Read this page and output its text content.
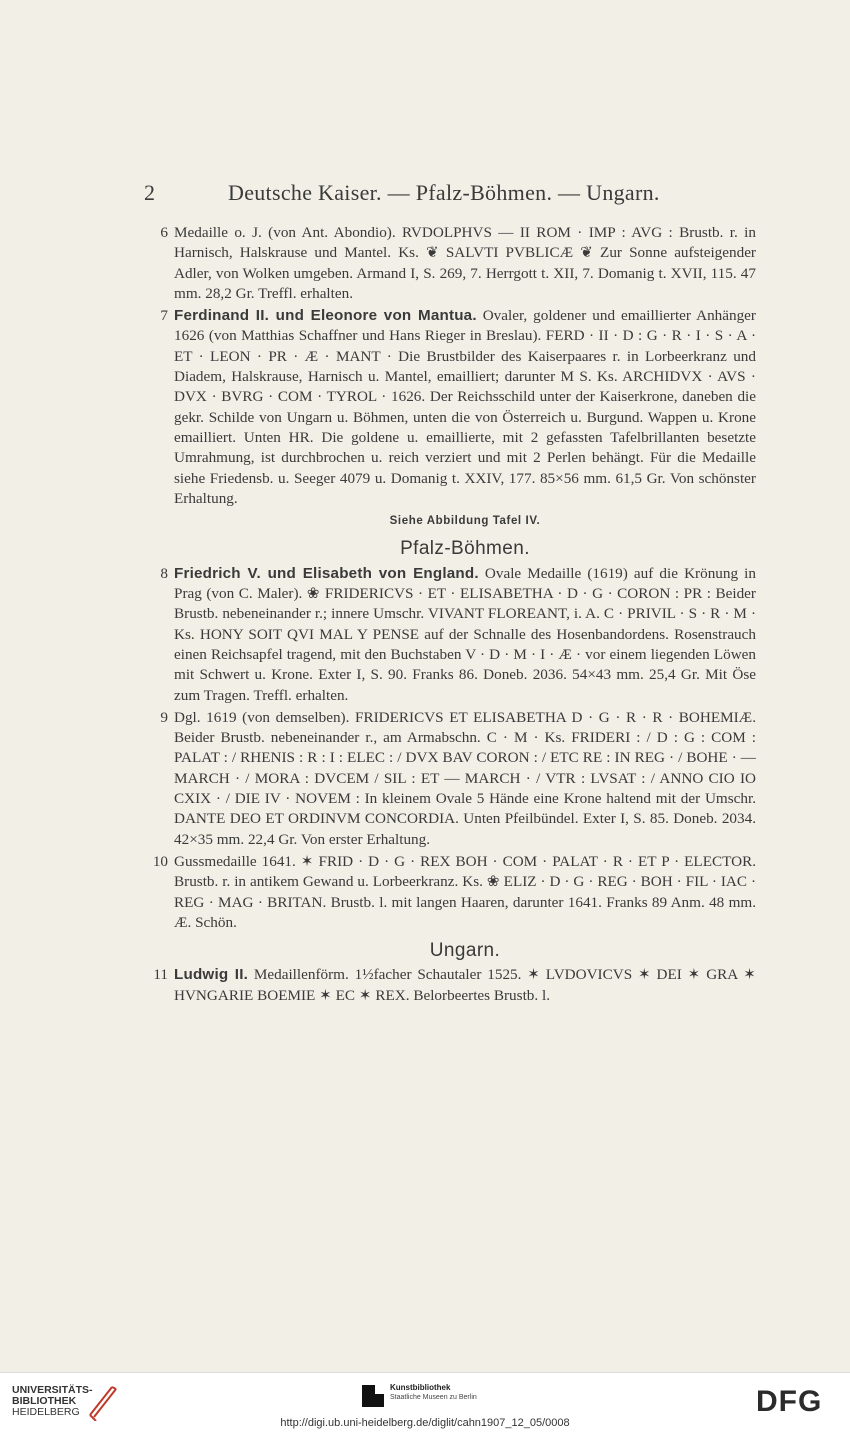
2	Deutsche Kaiser. — Pfalz-Böhmen. — Ungarn.
6 Medaille o. J. (von Ant. Abondio). RVDOLPHVS — II ROM · IMP : AVG : Brustb. r. in Harnisch, Halskrause und Mantel. Ks. ❦ SALVTI PVBLICÆ ❦ Zur Sonne aufsteigender Adler, von Wolken umgeben. Armand I, S. 269, 7. Herrgott t. XII, 7. Domanig t. XVII, 115. 47 mm. 28,2 Gr. Treffl. erhalten.
7 Ferdinand II. und Eleonore von Mantua. Ovaler, goldener und emaillierter Anhänger 1626 (von Matthias Schaffner und Hans Rieger in Breslau). FERD · II · D : G · R · I · S · A · ET · LEON · PR · Æ · MANT · Die Brustbilder des Kaiserpaares r. in Lorbeerkranz und Diadem, Halskrause, Harnisch u. Mantel, emailliert; darunter M S. Ks. ARCHIDVX · AVS · DVX · BVRG · COM · TYROL · 1626. Der Reichsschild unter der Kaiserkrone, daneben die gekr. Schilde von Ungarn u. Böhmen, unten die von Österreich u. Burgund. Wappen u. Krone emailliert. Unten HR. Die goldene u. emaillierte, mit 2 gefassten Tafelbrillanten besetzte Umrahmung, ist durchbrochen u. reich verziert und mit 2 Perlen behängt. Für die Medaille siehe Friedensb. u. Seeger 4079 u. Domanig t. XXIV, 177. 85×56 mm. 61,5 Gr. Von schönster Erhaltung.
Siehe Abbildung Tafel IV.
Pfalz-Böhmen.
8 Friedrich V. und Elisabeth von England. Ovale Medaille (1619) auf die Krönung in Prag (von C. Maler). ❀ FRIDERICVS · ET · ELISABETHA · D · G · CORON : PR : Beider Brustb. nebeneinander r.; innere Umschr. VIVANT FLOREANT, i. A. C · PRIVIL · S · R · M · Ks. HONY SOIT QVI MAL Y PENSE auf der Schnalle des Hosenbandordens. Rosenstrauch einen Reichsapfel tragend, mit den Buchstaben V · D · M · I · Æ · vor einem liegenden Löwen mit Schwert u. Krone. Exter I, S. 90. Franks 86. Doneb. 2036. 54×43 mm. 25,4 Gr. Mit Öse zum Tragen. Treffl. erhalten.
9 Dgl. 1619 (von demselben). FRIDERICVS ET ELISABETHA D · G · R · R · BOHEMIÆ. Beider Brustb. nebeneinander r., am Armabschn. C · M · Ks. FRIDERI : / D : G : COM : PALAT : / RHENIS : R : I : ELEC : / DVX BAV CORON : / ETC RE : IN REG · / BOHE · — MARCH · / MORA : DVCEM / SIL : ET — MARCH · / VTR : LVSAT : / ANNO CIO IO CXIX · / DIE IV · NOVEM : In kleinem Ovale 5 Hände eine Krone haltend mit der Umschr. DANTE DEO ET ORDINVM CONCORDIA. Unten Pfeilbündel. Exter I, S. 85. Doneb. 2034. 42×35 mm. 22,4 Gr. Von erster Erhaltung.
10 Gussmedaille 1641. ✶ FRID · D · G · REX BOH · COM · PALAT · R · ET P · ELECTOR. Brustb. r. in antikem Gewand u. Lorbeerkranz. Ks. ❀ ELIZ · D · G · REG · BOH · FIL · IAC · REG · MAG · BRITAN. Brustb. l. mit langen Haaren, darunter 1641. Franks 89 Anm. 48 mm. Æ. Schön.
Ungarn.
11 Ludwig II. Medaillenförm. 1½facher Schautaler 1525. ✶ LVDOVICVS ✶ DEI ✶ GRA ✶ HVNGARIE BOEMIE ✶ EC ✶ REX. Belorbeertes Brustb. l.
UNIVERSITÄTS-
BIBLIOTHEK
HEIDELBERG
Kunstbibliothek
Staatliche Museen zu Berlin	DFG
http://digi.ub.uni-heidelberg.de/diglit/cahn1907_12_05/0008
